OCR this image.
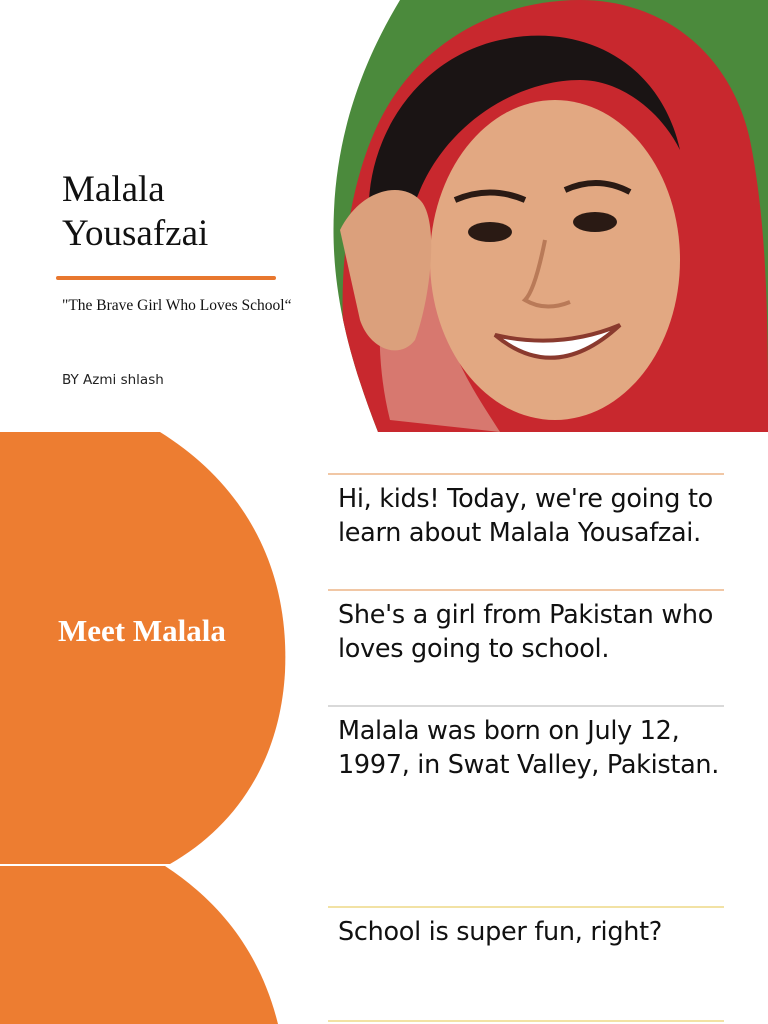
Malala Yousafzai
"The Brave Girl Who Loves School“
BY Azmi shlash
Meet Malala
Hi, kids! Today, we're going to learn about Malala Yousafzai.
She's a girl from Pakistan who loves going to school.
Malala was born on July 12, 1997, in Swat Valley, Pakistan.
School is super fun, right?
